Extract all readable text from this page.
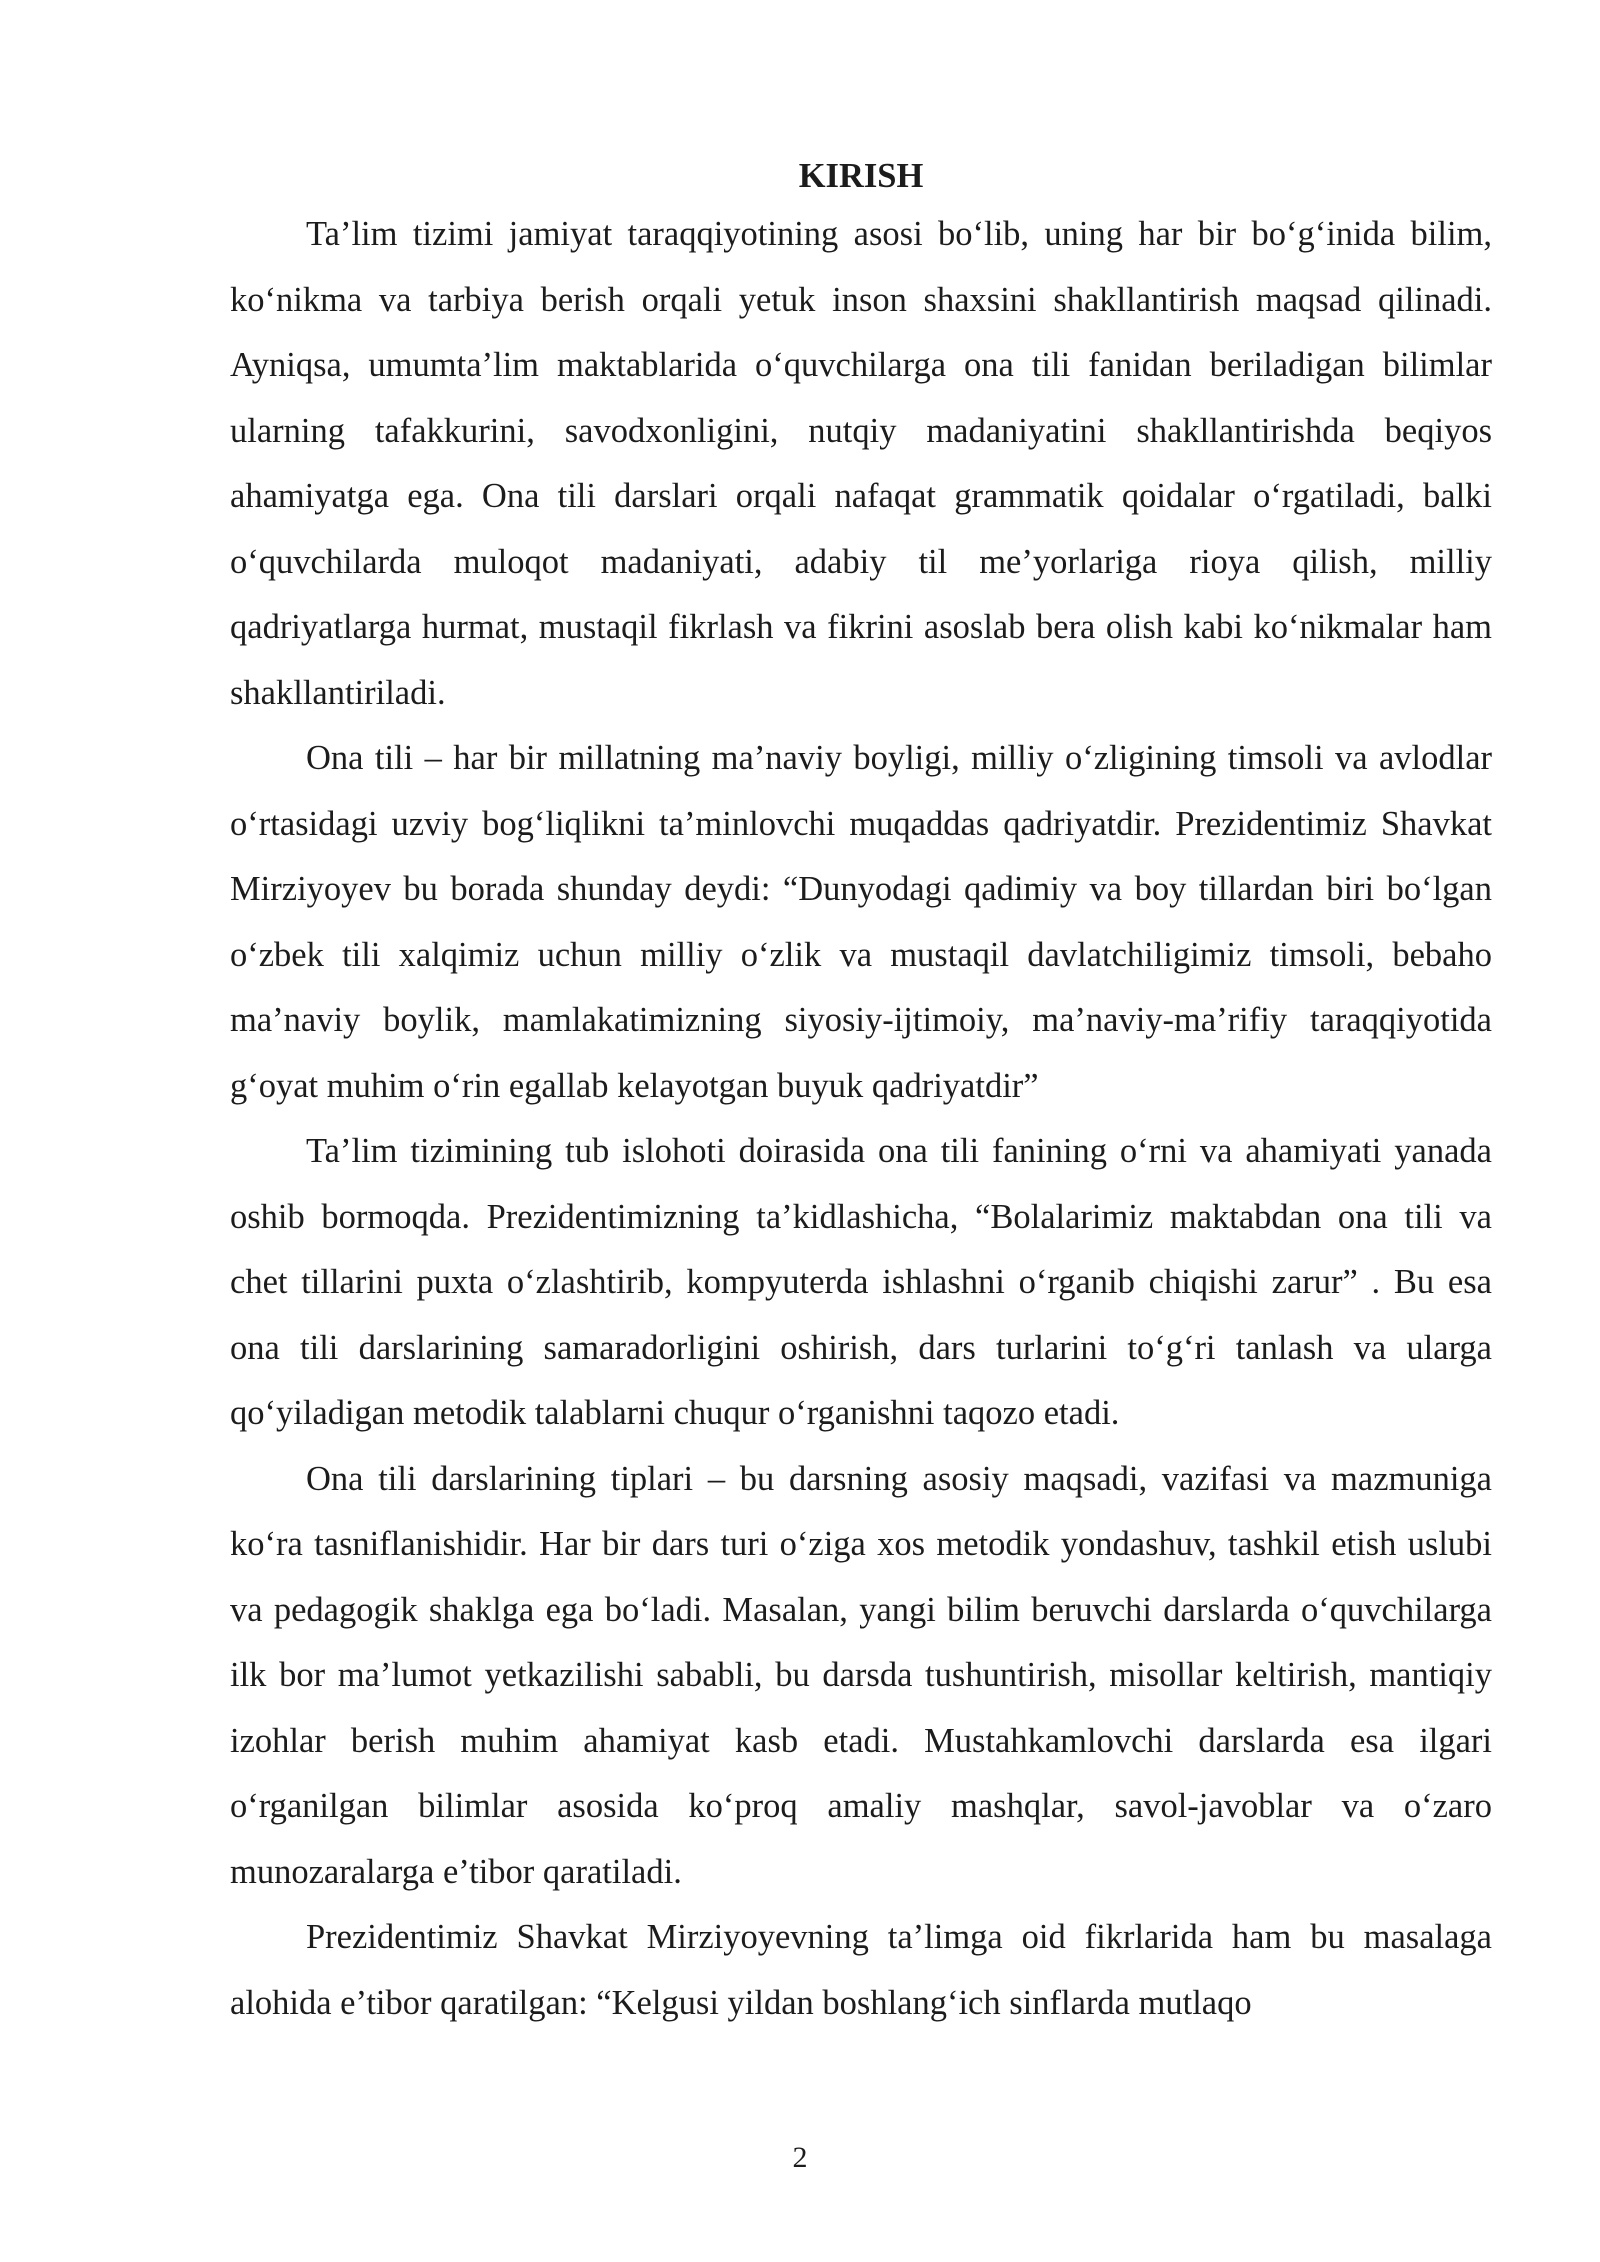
KIRISH

Ta’lim tizimi jamiyat taraqqiyotining asosi bo‘lib, uning har bir bo‘g‘inida bilim, ko‘nikma va tarbiya berish orqali yetuk inson shaxsini shakllantirish maqsad qilinadi. Ayniqsa, umumta’lim maktablarida o‘quvchilarga ona tili fanidan beriladigan bilimlar ularning tafakkurini, savodxonligini, nutqiy madaniyatini shakllantirishda beqiyos ahamiyatga ega. Ona tili darslari orqali nafaqat grammatik qoidalar o‘rgatiladi, balki o‘quvchilarda muloqot madaniyati, adabiy til me’yorlariga rioya qilish, milliy qadriyatlarga hurmat, mustaqil fikrlash va fikrini asoslab bera olish kabi ko‘nikmalar ham shakllantiriladi.

Ona tili – har bir millatning ma’naviy boyligi, milliy o‘zligining timsoli va avlodlar o‘rtasidagi uzviy bog‘liqlikni ta’minlovchi muqaddas qadriyatdir. Prezidentimiz Shavkat Mirziyoyev bu borada shunday deydi: “Dunyodagi qadimiy va boy tillardan biri bo‘lgan o‘zbek tili xalqimiz uchun milliy o‘zlik va mustaqil davlatchiligimiz timsoli, bebaho ma’naviy boylik, mamlakatimizning siyosiy-ijtimoiy, ma’naviy-ma’rifiy taraqqiyotida g‘oyat muhim o‘rin egallab kelayotgan buyuk qadriyatdir”

Ta’lim tizimining tub islohoti doirasida ona tili fanining o‘rni va ahamiyati yanada oshib bormoqda. Prezidentimizning ta’kidlashicha, “Bolalarimiz maktabdan ona tili va chet tillarini puxta o‘zlashtirib, kompyuterda ishlashni o‘rganib chiqishi zarur” . Bu esa ona tili darslarining samaradorligini oshirish, dars turlarini to‘g‘ri tanlash va ularga qo‘yiladigan metodik talablarni chuqur o‘rganishni taqozo etadi.

Ona tili darslarining tiplari – bu darsning asosiy maqsadi, vazifasi va mazmuniga ko‘ra tasniflanishidir. Har bir dars turi o‘ziga xos metodik yondashuv, tashkil etish uslubi va pedagogik shaklga ega bo‘ladi. Masalan, yangi bilim beruvchi darslarda o‘quvchilarga ilk bor ma’lumot yetkazilishi sababli, bu darsda tushuntirish, misollar keltirish, mantiqiy izohlar berish muhim ahamiyat kasb etadi. Mustahkamlovchi darslarda esa ilgari o‘rganilgan bilimlar asosida ko‘proq amaliy mashqlar, savol-javoblar va o‘zaro munozaralarga e’tibor qaratiladi.

Prezidentimiz Shavkat Mirziyoyevning ta’limga oid fikrlarida ham bu masalaga alohida e’tibor qaratilgan: “Kelgusi yildan boshlang‘ich sinflarda mutlaqo

2
